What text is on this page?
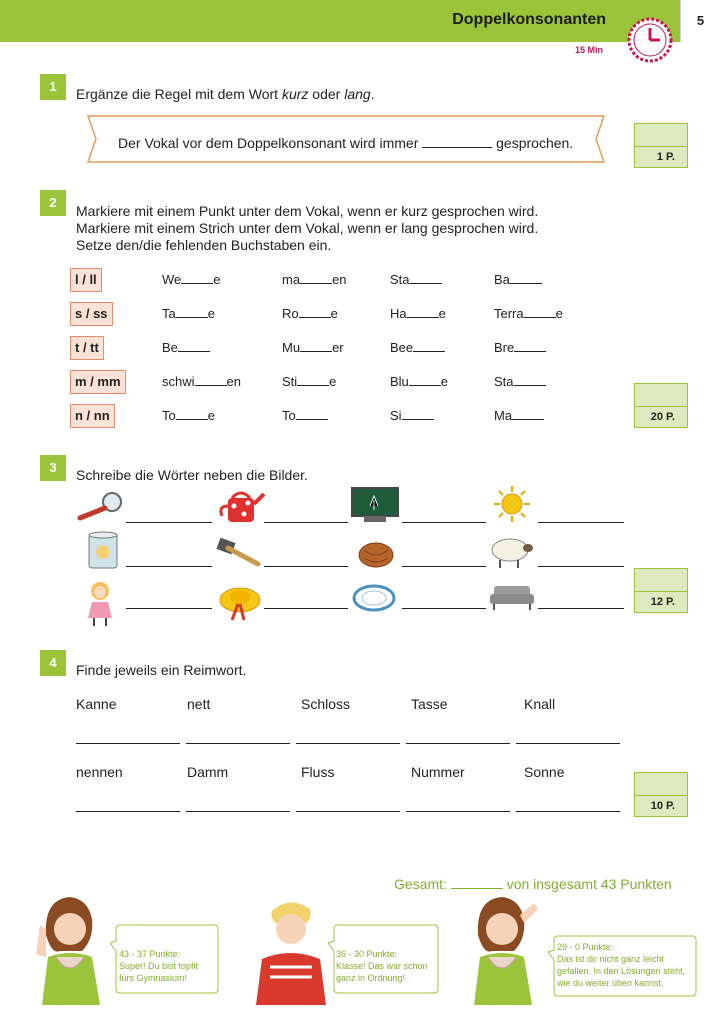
Doppelkonsonanten	5
15 Min
1	Ergänze die Regel mit dem Wort kurz oder lang.
Der Vokal vor dem Doppelkonsonant wird immer	gesprochen.
1 P.
2
Markiere mit einem Punkt unter dem Vokal, wenn er kurz gesprochen wird.
Markiere mit einem Strich unter dem Vokal, wenn er lang gesprochen wird.
Setze den/die fehlenden Buchstaben ein.
l / ll	We e	ma en	Sta	Ba
s / ss	Ta e	Ro e	Ha e	Terra e
t / tt	Be	Mu er	Bee	Bre
m / mm	schwi en	Sti e	Blu e	Sta
n / nn	To e	To	Si	Ma	20 P.
3	Schreibe die Wörter neben die Bilder.
12 P.
4	Finde jeweils ein Reimwort.
Kanne	nett	Schloss	Tasse	Knall
nennen	Damm	Fluss	Nummer	Sonne
10 P.
Gesamt:	von insgesamt 43 Punkten
43 - 37 Punkte:
Super! Du bist topfit fürs Gymnasium!
36 - 30 Punkte:
Klasse! Das war schon ganz in Ordnung!
29 - 0 Punkte:
Das ist dir nicht ganz leicht gefallen. In den Lösungen steht, wie du weiter üben kannst.
